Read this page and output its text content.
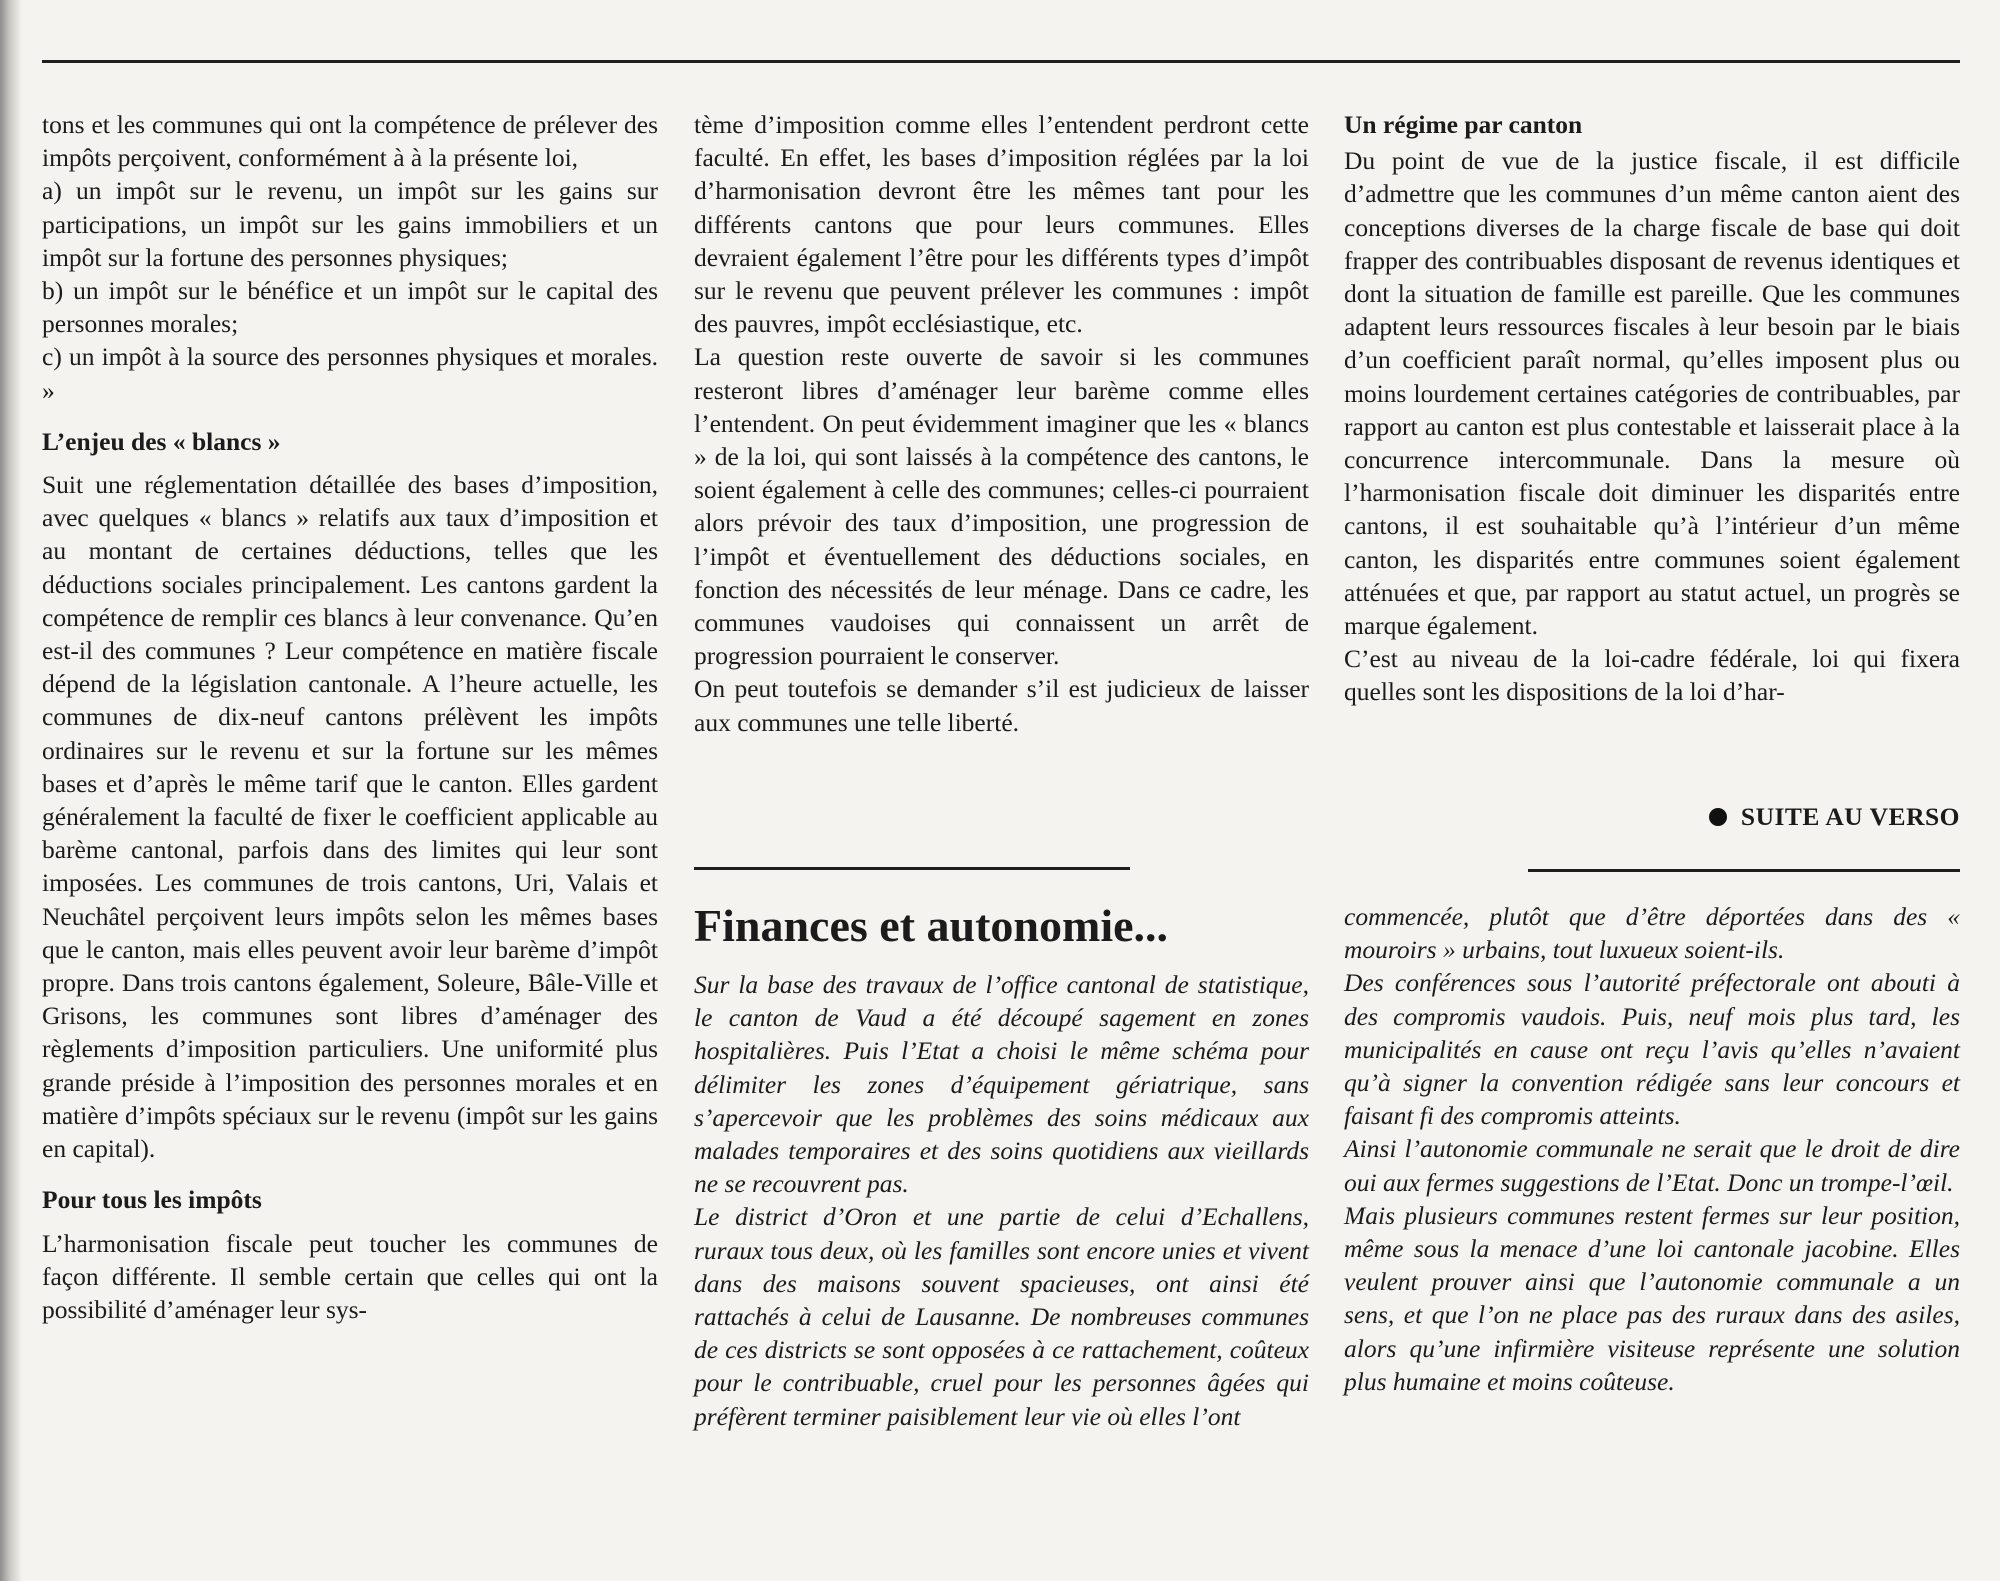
tons et les communes qui ont la compétence de prélever des impôts perçoivent, conformément à à la présente loi,

a) un impôt sur le revenu, un impôt sur les gains sur participations, un impôt sur les gains immobiliers et un impôt sur la fortune des personnes physiques;

b) un impôt sur le bénéfice et un impôt sur le capital des personnes morales;

c) un impôt à la source des personnes physiques et morales. »

L’enjeu des « blancs »

Suit une réglementation détaillée des bases d’imposition, avec quelques « blancs » relatifs aux taux d’imposition et au montant de certaines déductions, telles que les déductions sociales principalement. Les cantons gardent la compétence de remplir ces blancs à leur convenance. Qu’en est-il des communes ? Leur compétence en matière fiscale dépend de la législation cantonale. A l’heure actuelle, les communes de dix-neuf cantons prélèvent les impôts ordinaires sur le revenu et sur la fortune sur les mêmes bases et d’après le même tarif que le canton. Elles gardent généralement la faculté de fixer le coefficient applicable au barème cantonal, parfois dans des limites qui leur sont imposées. Les communes de trois cantons, Uri, Valais et Neuchâtel perçoivent leurs impôts selon les mêmes bases que le canton, mais elles peuvent avoir leur barème d’impôt propre. Dans trois cantons également, Soleure, Bâle-Ville et Grisons, les communes sont libres d’aménager des règlements d’imposition particuliers. Une uniformité plus grande préside à l’imposition des personnes morales et en matière d’impôts spéciaux sur le revenu (impôt sur les gains en capital).

Pour tous les impôts

L’harmonisation fiscale peut toucher les communes de façon différente. Il semble certain que celles qui ont la possibilité d’aménager leur sys-

tème d’imposition comme elles l’entendent perdront cette faculté. En effet, les bases d’imposition réglées par la loi d’harmonisation devront être les mêmes tant pour les différents cantons que pour leurs communes. Elles devraient également l’être pour les différents types d’impôt sur le revenu que peuvent prélever les communes : impôt des pauvres, impôt ecclésiastique, etc.

La question reste ouverte de savoir si les communes resteront libres d’aménager leur barème comme elles l’entendent. On peut évidemment imaginer que les « blancs » de la loi, qui sont laissés à la compétence des cantons, le soient également à celle des communes; celles-ci pourraient alors prévoir des taux d’imposition, une progression de l’impôt et éventuellement des déductions sociales, en fonction des nécessités de leur ménage. Dans ce cadre, les communes vaudoises qui connaissent un arrêt de progression pourraient le conserver.

On peut toutefois se demander s’il est judicieux de laisser aux communes une telle liberté.

Un régime par canton

Du point de vue de la justice fiscale, il est difficile d’admettre que les communes d’un même canton aient des conceptions diverses de la charge fiscale de base qui doit frapper des contribuables disposant de revenus identiques et dont la situation de famille est pareille. Que les communes adaptent leurs ressources fiscales à leur besoin par le biais d’un coefficient paraît normal, qu’elles imposent plus ou moins lourdement certaines catégories de contribuables, par rapport au canton est plus contestable et laisserait place à la concurrence intercommunale. Dans la mesure où l’harmonisation fiscale doit diminuer les disparités entre cantons, il est souhaitable qu’à l’intérieur d’un même canton, les disparités entre communes soient également atténuées et que, par rapport au statut actuel, un progrès se marque également.

C’est au niveau de la loi-cadre fédérale, loi qui fixera quelles sont les dispositions de la loi d’har-

SUITE AU VERSO
Finances et autonomie...

Sur la base des travaux de l’office cantonal de statistique, le canton de Vaud a été découpé sagement en zones hospitalières. Puis l’Etat a choisi le même schéma pour délimiter les zones d’équipement gériatrique, sans s’apercevoir que les problèmes des soins médicaux aux malades temporaires et des soins quotidiens aux vieillards ne se recouvrent pas.

Le district d’Oron et une partie de celui d’Echallens, ruraux tous deux, où les familles sont encore unies et vivent dans des maisons souvent spacieuses, ont ainsi été rattachés à celui de Lausanne. De nombreuses communes de ces districts se sont opposées à ce rattachement, coûteux pour le contribuable, cruel pour les personnes âgées qui préfèrent terminer paisiblement leur vie où elles l’ont

commencée, plutôt que d’être déportées dans des « mouroirs » urbains, tout luxueux soient-ils.

Des conférences sous l’autorité préfectorale ont abouti à des compromis vaudois. Puis, neuf mois plus tard, les municipalités en cause ont reçu l’avis qu’elles n’avaient qu’à signer la convention rédigée sans leur concours et faisant fi des compromis atteints.

Ainsi l’autonomie communale ne serait que le droit de dire oui aux fermes suggestions de l’Etat. Donc un trompe-l’œil.

Mais plusieurs communes restent fermes sur leur position, même sous la menace d’une loi cantonale jacobine. Elles veulent prouver ainsi que l’autonomie communale a un sens, et que l’on ne place pas des ruraux dans des asiles, alors qu’une infirmière visiteuse représente une solution plus humaine et moins coûteuse.
